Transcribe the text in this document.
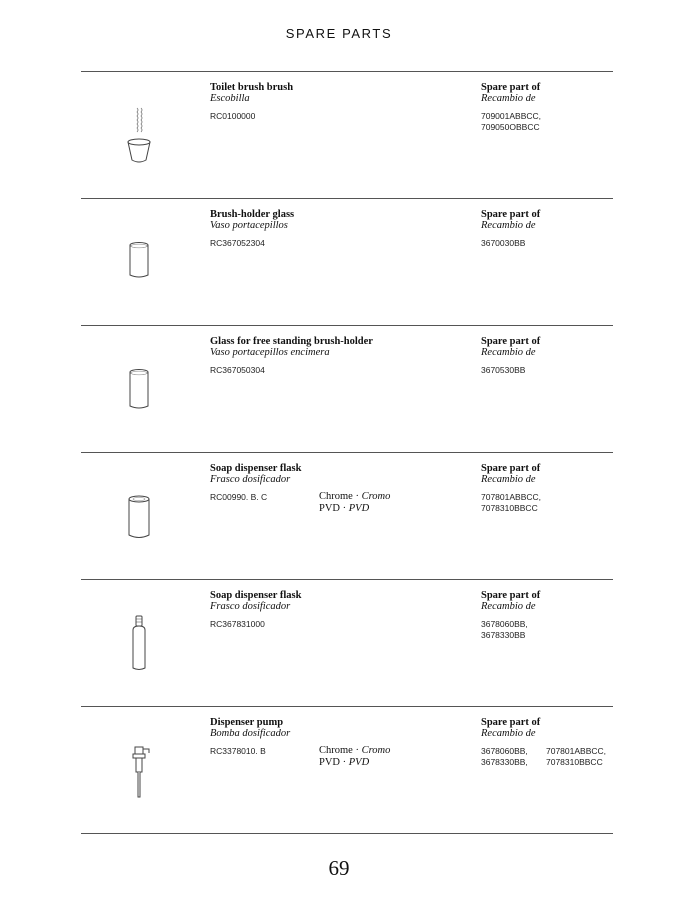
SPARE PARTS
Toilet brush brush
Escobilla
RC0100000
Spare part of
Recambio de
709001ABBCC,
709050OBBCC
Brush-holder glass
Vaso portacepillos
RC367052304
Spare part of
Recambio de
3670030BB
Glass for free standing brush-holder
Vaso portacepillos encimera
RC367050304
Spare part of
Recambio de
3670530BB
Soap dispenser flask
Frasco dosificador
RC00990. B. C	Chrome · Cromo
PVD · PVD
Spare part of
Recambio de
707801ABBCC,
7078310BBCC
Soap dispenser flask
Frasco dosificador
RC367831000
Spare part of
Recambio de
3678060BB,
3678330BB
Dispenser pump
Bomba dosificador
RC3378010. B	Chrome · Cromo
PVD · PVD
Spare part of
Recambio de
3678060BB,
3678330BB,
707801ABBCC,
7078310BBCC
69
